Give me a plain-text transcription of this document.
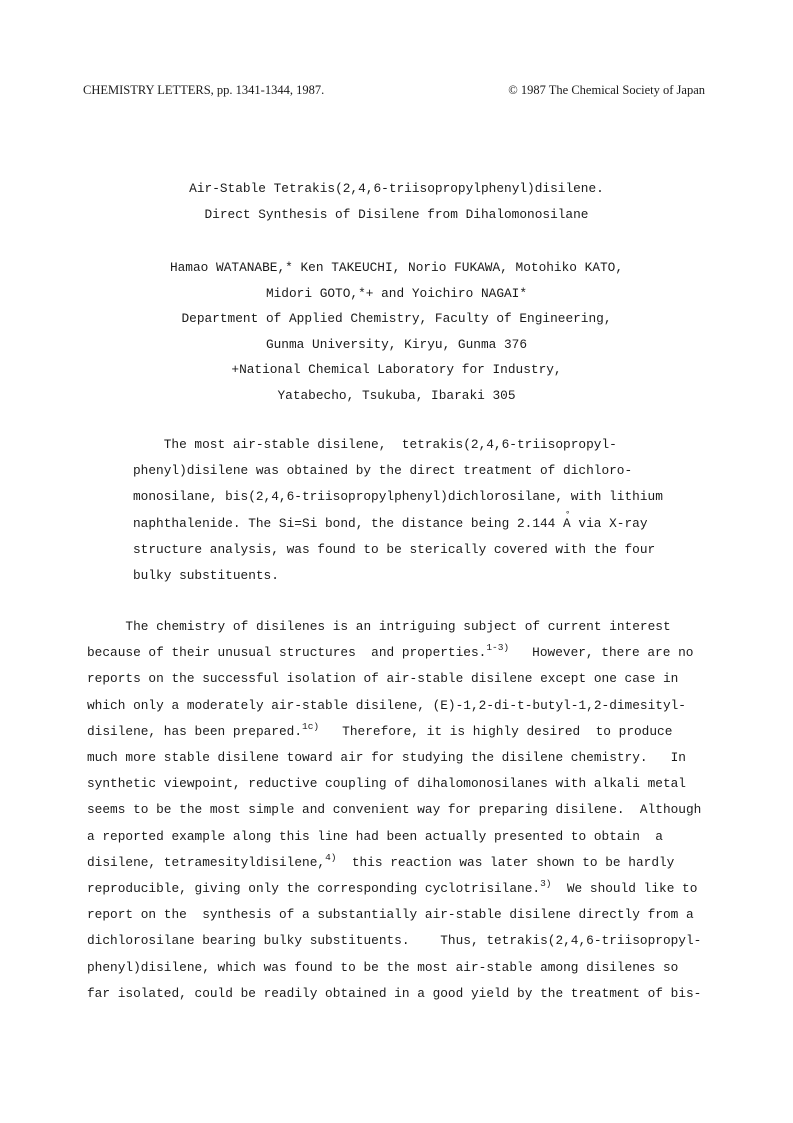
CHEMISTRY LETTERS, pp. 1341-1344, 1987.	© 1987 The Chemical Society of Japan
Air-Stable Tetrakis(2,4,6-triisopropylphenyl)disilene.
Direct Synthesis of Disilene from Dihalomonosilane
Hamao WATANABE,* Ken TAKEUCHI, Norio FUKAWA, Motohiko KATO,
Midori GOTO,*+ and Yoichiro NAGAI*
Department of Applied Chemistry, Faculty of Engineering,
Gunma University, Kiryu, Gunma 376
+National Chemical Laboratory for Industry,
Yatabecho, Tsukuba, Ibaraki 305
The most air-stable disilene,  tetrakis(2,4,6-triisopropyl-
phenyl)disilene was obtained by the direct treatment of dichloro-
monosilane, bis(2,4,6-triisopropylphenyl)dichlorosilane, with lithium
naphthalenide. The Si=Si bond, the distance being 2.144 ° A via X-ray
structure analysis, was found to be sterically covered with the four
bulky substituents.
The chemistry of disilenes is an intriguing subject of current interest
because of their unusual structures  and properties.$^{1-3)}$   However, there are no
reports on the successful isolation of air-stable disilene except one case in
which only a moderately air-stable disilene, (E)-1,2-di-t-butyl-1,2-dimesityl-
disilene, has been prepared.$^{1c)}$   Therefore, it is highly desired  to produce
much more stable disilene toward air for studying the disilene chemistry.   In
synthetic viewpoint, reductive coupling of dihalomonosilanes with alkali metal
seems to be the most simple and convenient way for preparing disilene.  Although
a reported example along this line had been actually presented to obtain  a
disilene, tetramesityldisilene,$^{4)}$  this reaction was later shown to be hardly
reproducible, giving only the corresponding cyclotrisilane.$^{3)}$  We should like to
report on the  synthesis of a substantially air-stable disilene directly from a
dichlorosilane bearing bulky substituents.    Thus, tetrakis(2,4,6-triisopropyl-
phenyl)disilene, which was found to be the most air-stable among disilenes so
far isolated, could be readily obtained in a good yield by the treatment of bis-
